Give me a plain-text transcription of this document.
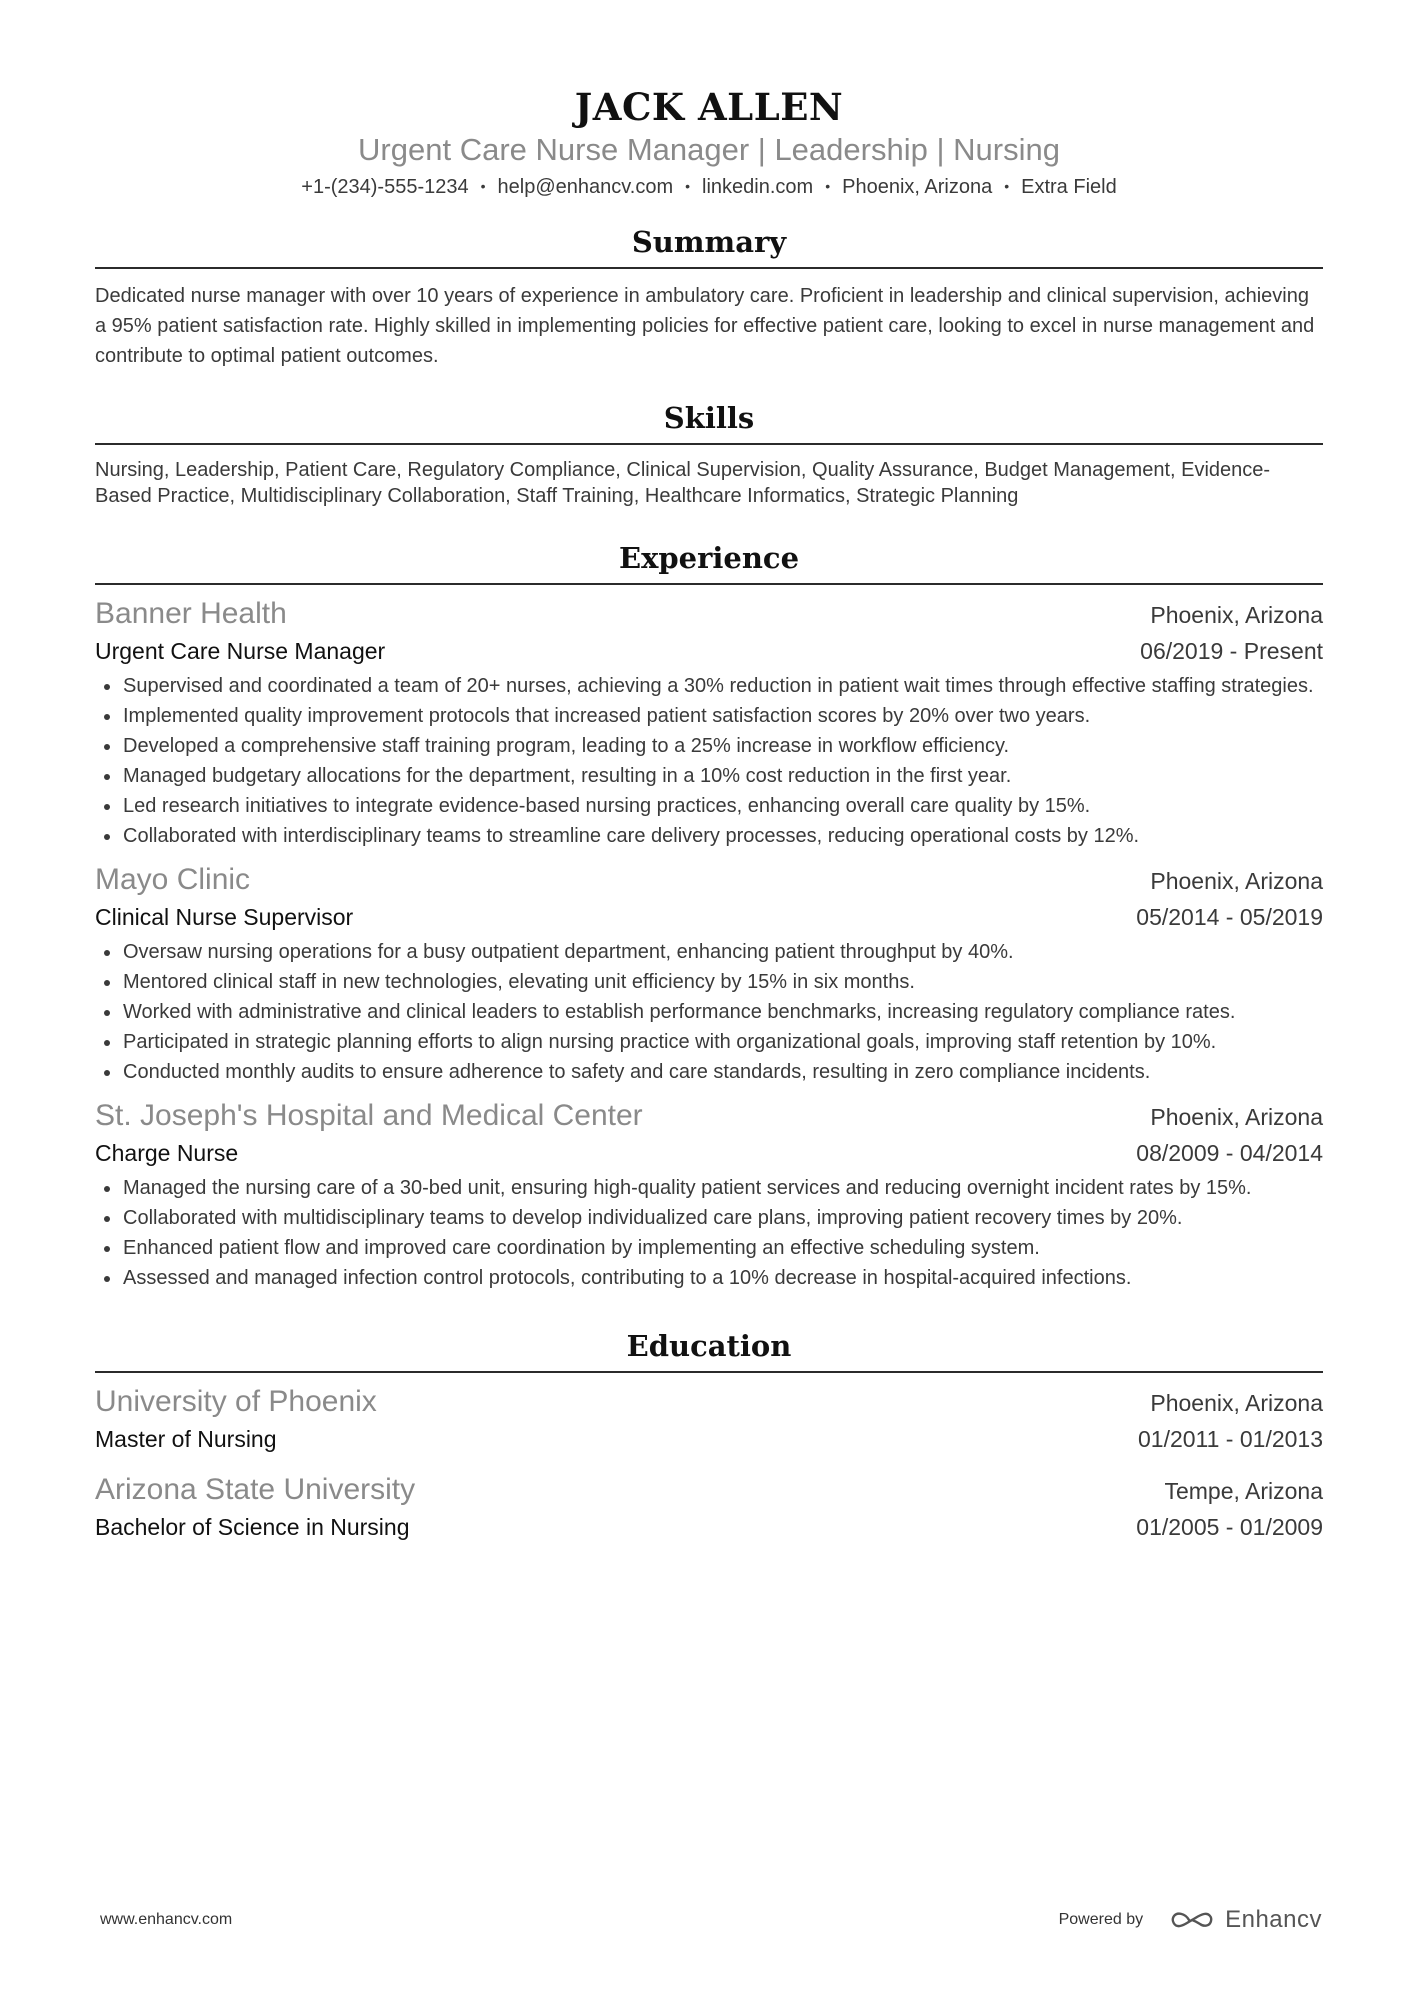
JACK ALLEN
Urgent Care Nurse Manager | Leadership | Nursing
+1-(234)-555-1234 • help@enhancv.com • linkedin.com • Phoenix, Arizona • Extra Field
Summary
Dedicated nurse manager with over 10 years of experience in ambulatory care. Proficient in leadership and clinical supervision, achieving a 95% patient satisfaction rate. Highly skilled in implementing policies for effective patient care, looking to excel in nurse management and contribute to optimal patient outcomes.
Skills
Nursing, Leadership, Patient Care, Regulatory Compliance, Clinical Supervision, Quality Assurance, Budget Management, Evidence-Based Practice, Multidisciplinary Collaboration, Staff Training, Healthcare Informatics, Strategic Planning
Experience
Banner Health	Phoenix, Arizona
Urgent Care Nurse Manager	06/2019 - Present
Supervised and coordinated a team of 20+ nurses, achieving a 30% reduction in patient wait times through effective staffing strategies.
Implemented quality improvement protocols that increased patient satisfaction scores by 20% over two years.
Developed a comprehensive staff training program, leading to a 25% increase in workflow efficiency.
Managed budgetary allocations for the department, resulting in a 10% cost reduction in the first year.
Led research initiatives to integrate evidence-based nursing practices, enhancing overall care quality by 15%.
Collaborated with interdisciplinary teams to streamline care delivery processes, reducing operational costs by 12%.
Mayo Clinic	Phoenix, Arizona
Clinical Nurse Supervisor	05/2014 - 05/2019
Oversaw nursing operations for a busy outpatient department, enhancing patient throughput by 40%.
Mentored clinical staff in new technologies, elevating unit efficiency by 15% in six months.
Worked with administrative and clinical leaders to establish performance benchmarks, increasing regulatory compliance rates.
Participated in strategic planning efforts to align nursing practice with organizational goals, improving staff retention by 10%.
Conducted monthly audits to ensure adherence to safety and care standards, resulting in zero compliance incidents.
St. Joseph's Hospital and Medical Center	Phoenix, Arizona
Charge Nurse	08/2009 - 04/2014
Managed the nursing care of a 30-bed unit, ensuring high-quality patient services and reducing overnight incident rates by 15%.
Collaborated with multidisciplinary teams to develop individualized care plans, improving patient recovery times by 20%.
Enhanced patient flow and improved care coordination by implementing an effective scheduling system.
Assessed and managed infection control protocols, contributing to a 10% decrease in hospital-acquired infections.
Education
University of Phoenix	Phoenix, Arizona
Master of Nursing	01/2011 - 01/2013
Arizona State University	Tempe, Arizona
Bachelor of Science in Nursing	01/2005 - 01/2009
www.enhancv.com	Powered by	Enhancv
